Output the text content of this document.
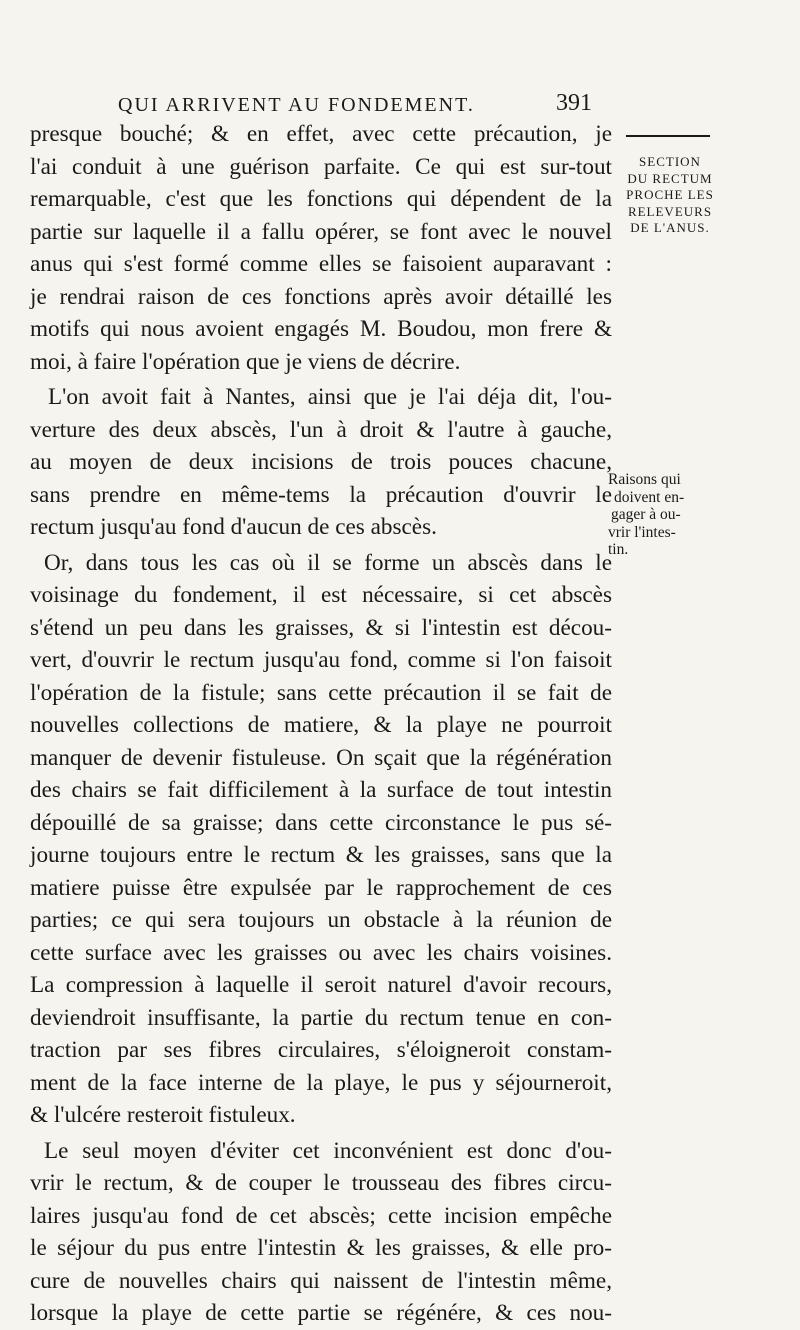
QUI ARRIVENT AU FONDEMENT.	391
presque bouché; & en effet, avec cette précaution, je
l'ai conduit à une guérison parfaite. Ce qui est sur-tout
remarquable, c'est que les fonctions qui dépendent de la
partie sur laquelle il a fallu opérer, se font avec le nouvel
anus qui s'est formé comme elles se faisoient auparavant :
je rendrai raison de ces fonctions après avoir détaillé les
motifs qui nous avoient engagés M. Boudou, mon frere &
moi, à faire l'opération que je viens de décrire.
L'on avoit fait à Nantes, ainsi que je l'ai déja dit, l'ou-
verture des deux abscès, l'un à droit & l'autre à gauche,
au moyen de deux incisions de trois pouces chacune,
sans prendre en même-tems la précaution d'ouvrir le
rectum jusqu'au fond d'aucun de ces abscès.
Or, dans tous les cas où il se forme un abscès dans le
voisinage du fondement, il est nécessaire, si cet abscès
s'étend un peu dans les graisses, & si l'intestin est décou-
vert, d'ouvrir le rectum jusqu'au fond, comme si l'on faisoit
l'opération de la fistule; sans cette précaution il se fait de
nouvelles collections de matiere, & la playe ne pourroit
manquer de devenir fistuleuse. On sçait que la régénération
des chairs se fait difficilement à la surface de tout intestin
dépouillé de sa graisse; dans cette circonstance le pus sé-
journe toujours entre le rectum & les graisses, sans que la
matiere puisse être expulsée par le rapprochement de ces
parties; ce qui sera toujours un obstacle à la réunion de
cette surface avec les graisses ou avec les chairs voisines.
La compression à laquelle il seroit naturel d'avoir recours,
deviendroit insuffisante, la partie du rectum tenue en con-
traction par ses fibres circulaires, s'éloigneroit constam-
ment de la face interne de la playe, le pus y séjourneroit,
& l'ulcére resteroit fistuleux.
Le seul moyen d'éviter cet inconvénient est donc d'ou-
vrir le rectum, & de couper le trousseau des fibres circu-
laires jusqu'au fond de cet abscès; cette incision empêche
le séjour du pus entre l'intestin & les graisses, & elle pro-
cure de nouvelles chairs qui naissent de l'intestin même,
lorsque la playe de cette partie se régénére, & ces nou-
SECTION
DU RECTUM
PROCHE LES
RELEVEURS
DE L'ANUS.
Raisons qui
doivent en-
gager à ou-
vrir l'intes-
tin.
